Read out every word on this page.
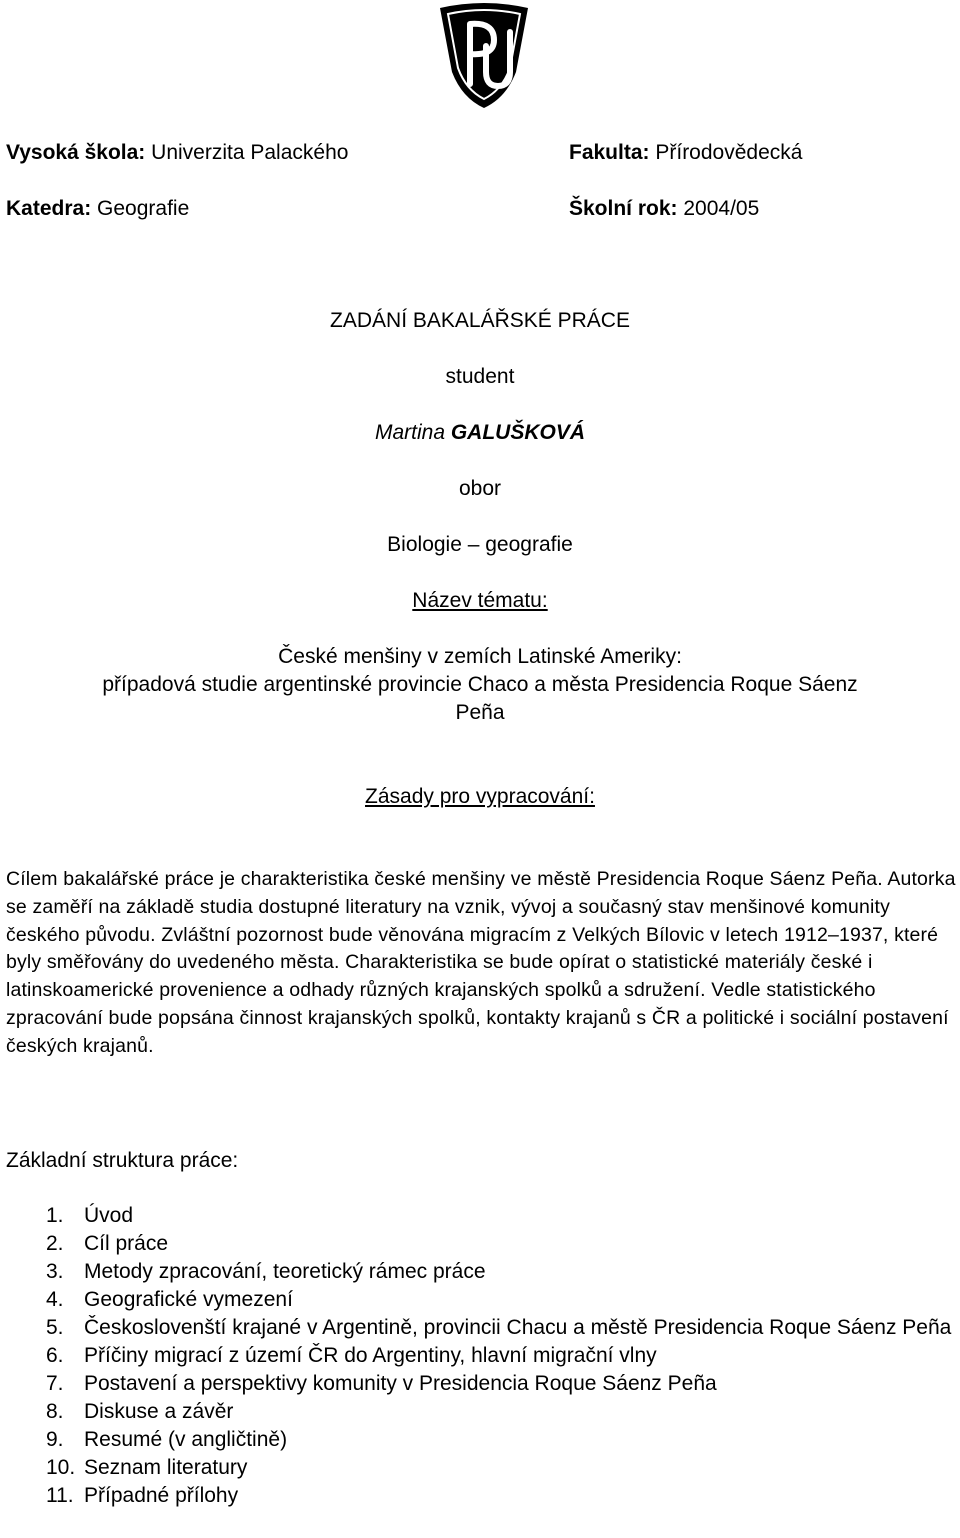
Vysoká škola: Univerzita Palackého	Fakulta: Přírodovědecká
Katedra: Geografie	Školní rok: 2004/05
ZADÁNÍ BAKALÁŘSKÉ PRÁCE
student
Martina GALUŠKOVÁ
obor
Biologie – geografie
Název tématu:
České menšiny v zemích Latinské Ameriky:
případová studie argentinské provincie Chaco a města Presidencia Roque Sáenz
Peña
Zásady pro vypracování:
Cílem bakalářské práce je charakteristika české menšiny ve městě Presidencia Roque Sáenz Peña. Autorka se zaměří na základě studia dostupné literatury na vznik, vývoj a současný stav menšinové komunity českého původu. Zvláštní pozornost bude věnována migracím z Velkých Bílovic v letech 1912–1937, které byly směřovány do uvedeného města. Charakteristika se bude opírat o statistické materiály české i latinskoamerické provenience a odhady různých krajanských spolků a sdružení. Vedle statistického zpracování bude popsána činnost krajanských spolků, kontakty krajanů s ČR a politické i sociální postavení českých krajanů.
Základní struktura práce:
1. Úvod
2. Cíl práce
3. Metody zpracování, teoretický rámec práce
4. Geografické vymezení
5. Českoslovenští krajané v Argentině, provincii Chacu a městě Presidencia Roque Sáenz Peña
6. Příčiny migrací z území ČR do Argentiny, hlavní migrační vlny
7. Postavení a perspektivy komunity v Presidencia Roque Sáenz Peña
8. Diskuse a závěr
9. Resumé (v angličtině)
10. Seznam literatury
11. Případné přílohy
